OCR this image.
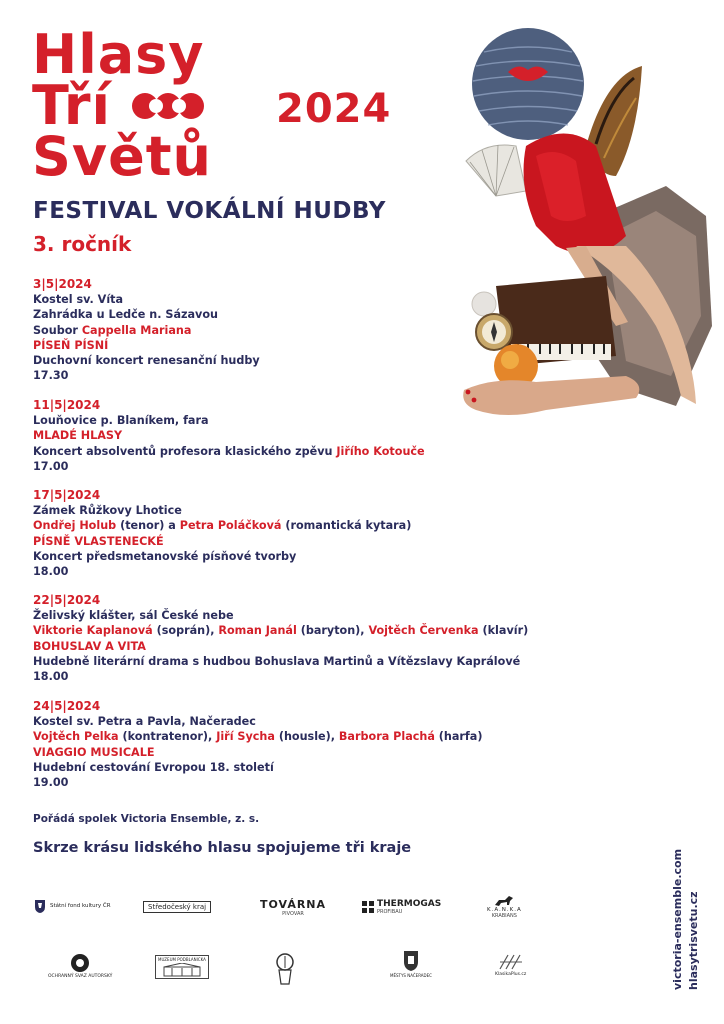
Hlasy
Tří
Světů
2024
FESTIVAL VOKÁLNÍ HUDBY
3. ročník
3|5|2024
Kostel sv. Víta
Zahrádka u Ledče n. Sázavou
Soubor Cappella Mariana
PÍSEŇ PÍSNÍ
Duchovní koncert renesanční hudby
17.30
11|5|2024
Louňovice p. Blaníkem, fara
MLADÉ HLASY
Koncert absolventů profesora klasického zpěvu Jiřího Kotouče
17.00
17|5|2024
Zámek Růžkovy Lhotice
Ondřej Holub (tenor) a Petra Poláčková (romantická kytara)
PÍSNĚ VLASTENECKÉ
Koncert předsmetanovské písňové tvorby
18.00
22|5|2024
Želivský klášter, sál České nebe
Viktorie Kaplanová (soprán), Roman Janál (baryton), Vojtěch Červenka (klavír)
BOHUSLAV A VITA
Hudebně literární drama s hudbou Bohuslava Martinů a Vítězslavy Kaprálové
18.00
24|5|2024
Kostel sv. Petra a Pavla, Načeradec
Vojtěch Pelka (kontratenor), Jiří Sycha (housle), Barbora Plachá (harfa)
VIAGGIO MUSICALE
Hudební cestování Evropou 18. století
19.00
Pořádá spolek Victoria Ensemble, z. s.
Skrze krásu lidského hlasu spojujeme tři kraje
victoria-ensemble.com hlasytrisvetu.cz
Státní fond kultury ČR	Středočeský kraj	TOVÁRNA
PIVOVAR
THERMOGAS
PROFIBAU	K.A.N.K.A
KRABIANS
OCHRANNÝ SVAZ AUTORSKÝ
MUZEUM PODBLANICKA
MĚSTYS NAČERADEC	KlasikaPlus.cz
